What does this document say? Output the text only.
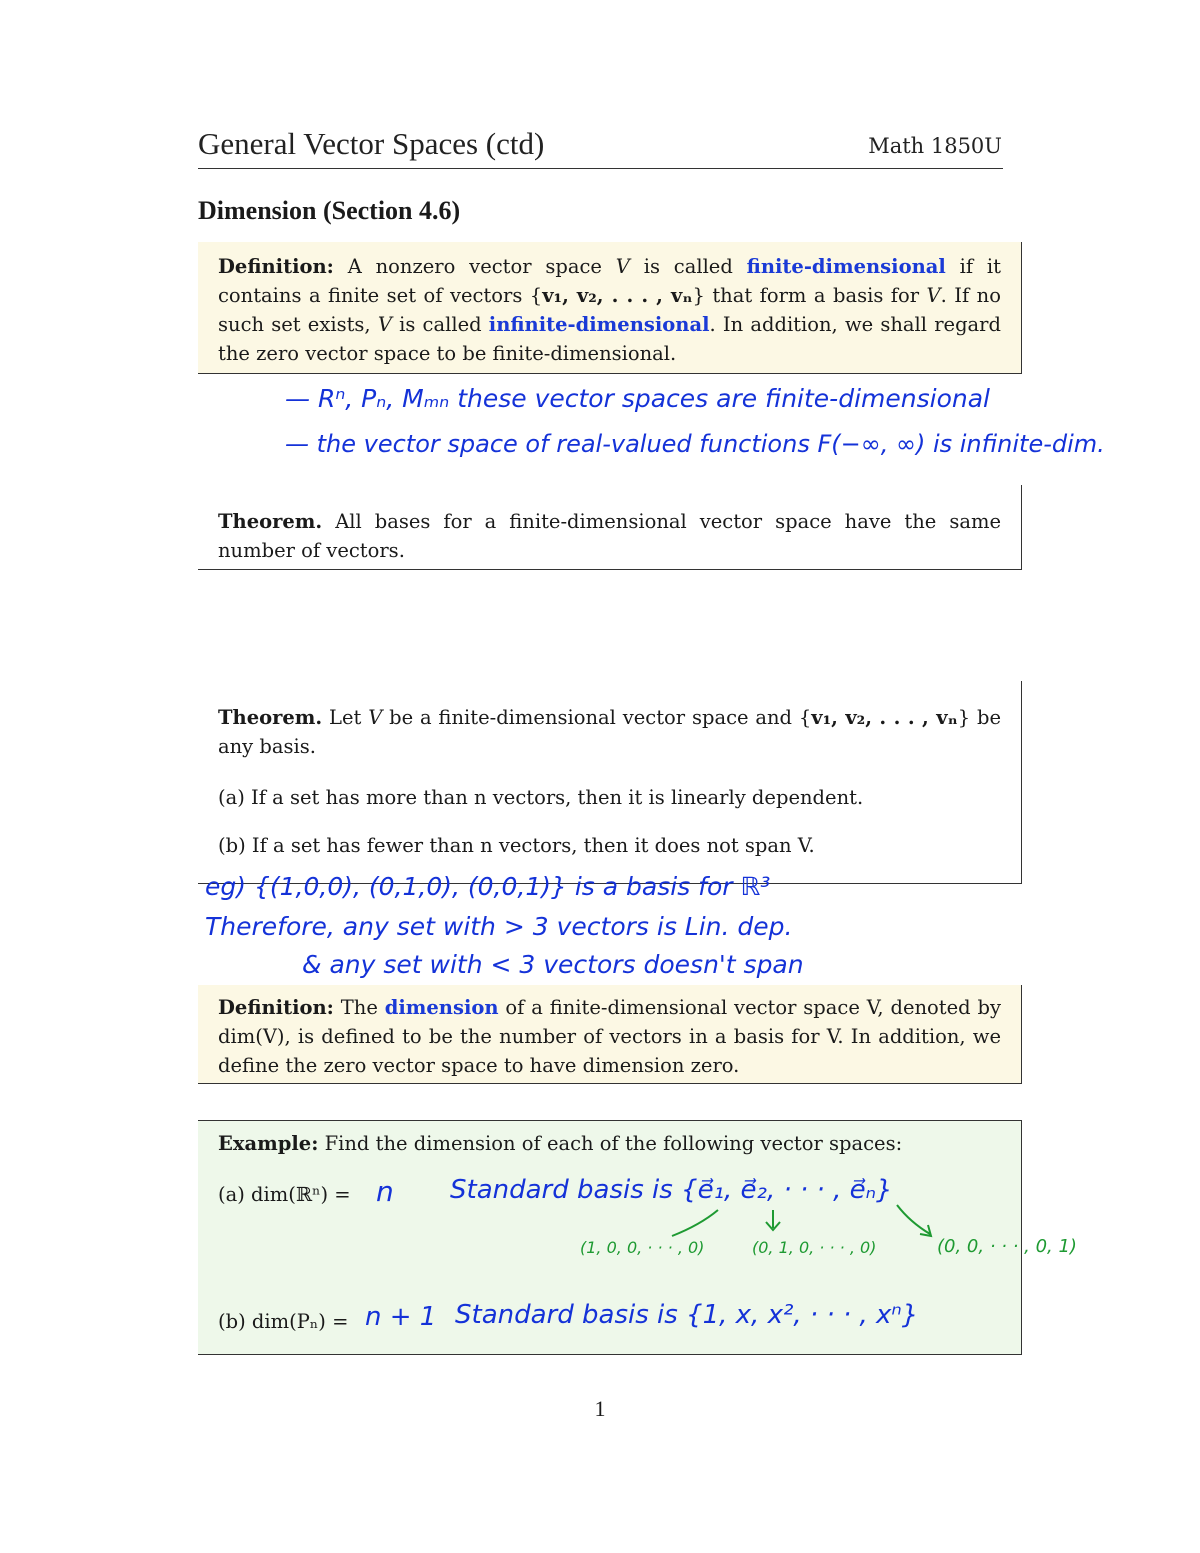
General Vector Spaces (ctd)	Math 1850U
Dimension (Section 4.6)
Definition: A nonzero vector space V is called finite-dimensional if it contains a finite set of vectors {v₁, v₂, . . . , vₙ} that form a basis for V. If no such set exists, V is called infinite-dimensional. In addition, we shall regard the zero vector space to be finite-dimensional.
— Rⁿ, Pₙ, Mₘₙ these vector spaces are finite-dimensional
— the vector space of real-valued functions F(−∞, ∞) is infinite-dim.
Theorem. All bases for a finite-dimensional vector space have the same number of vectors.
Theorem. Let V be a finite-dimensional vector space and {v₁, v₂, . . . , vₙ} be any basis.
(a) If a set has more than n vectors, then it is linearly dependent.
(b) If a set has fewer than n vectors, then it does not span V.
eg) {(1,0,0), (0,1,0), (0,0,1)} is a basis for ℝ³
Therefore, any set with > 3 vectors is Lin. dep.
& any set with < 3 vectors doesn't span
Definition: The dimension of a finite-dimensional vector space V, denoted by dim(V), is defined to be the number of vectors in a basis for V. In addition, we define the zero vector space to have dimension zero.
Example: Find the dimension of each of the following vector spaces:
(a) dim(ℝⁿ) = n Standard basis is {e⃗₁, e⃗₂, · · · , e⃗ₙ}
(1, 0, 0, · · · , 0)	(0, 1, 0, · · · , 0)	(0, 0, · · · , 0, 1)
(b) dim(Pₙ) = n + 1 Standard basis is {1, x, x², · · · , xⁿ}
1
